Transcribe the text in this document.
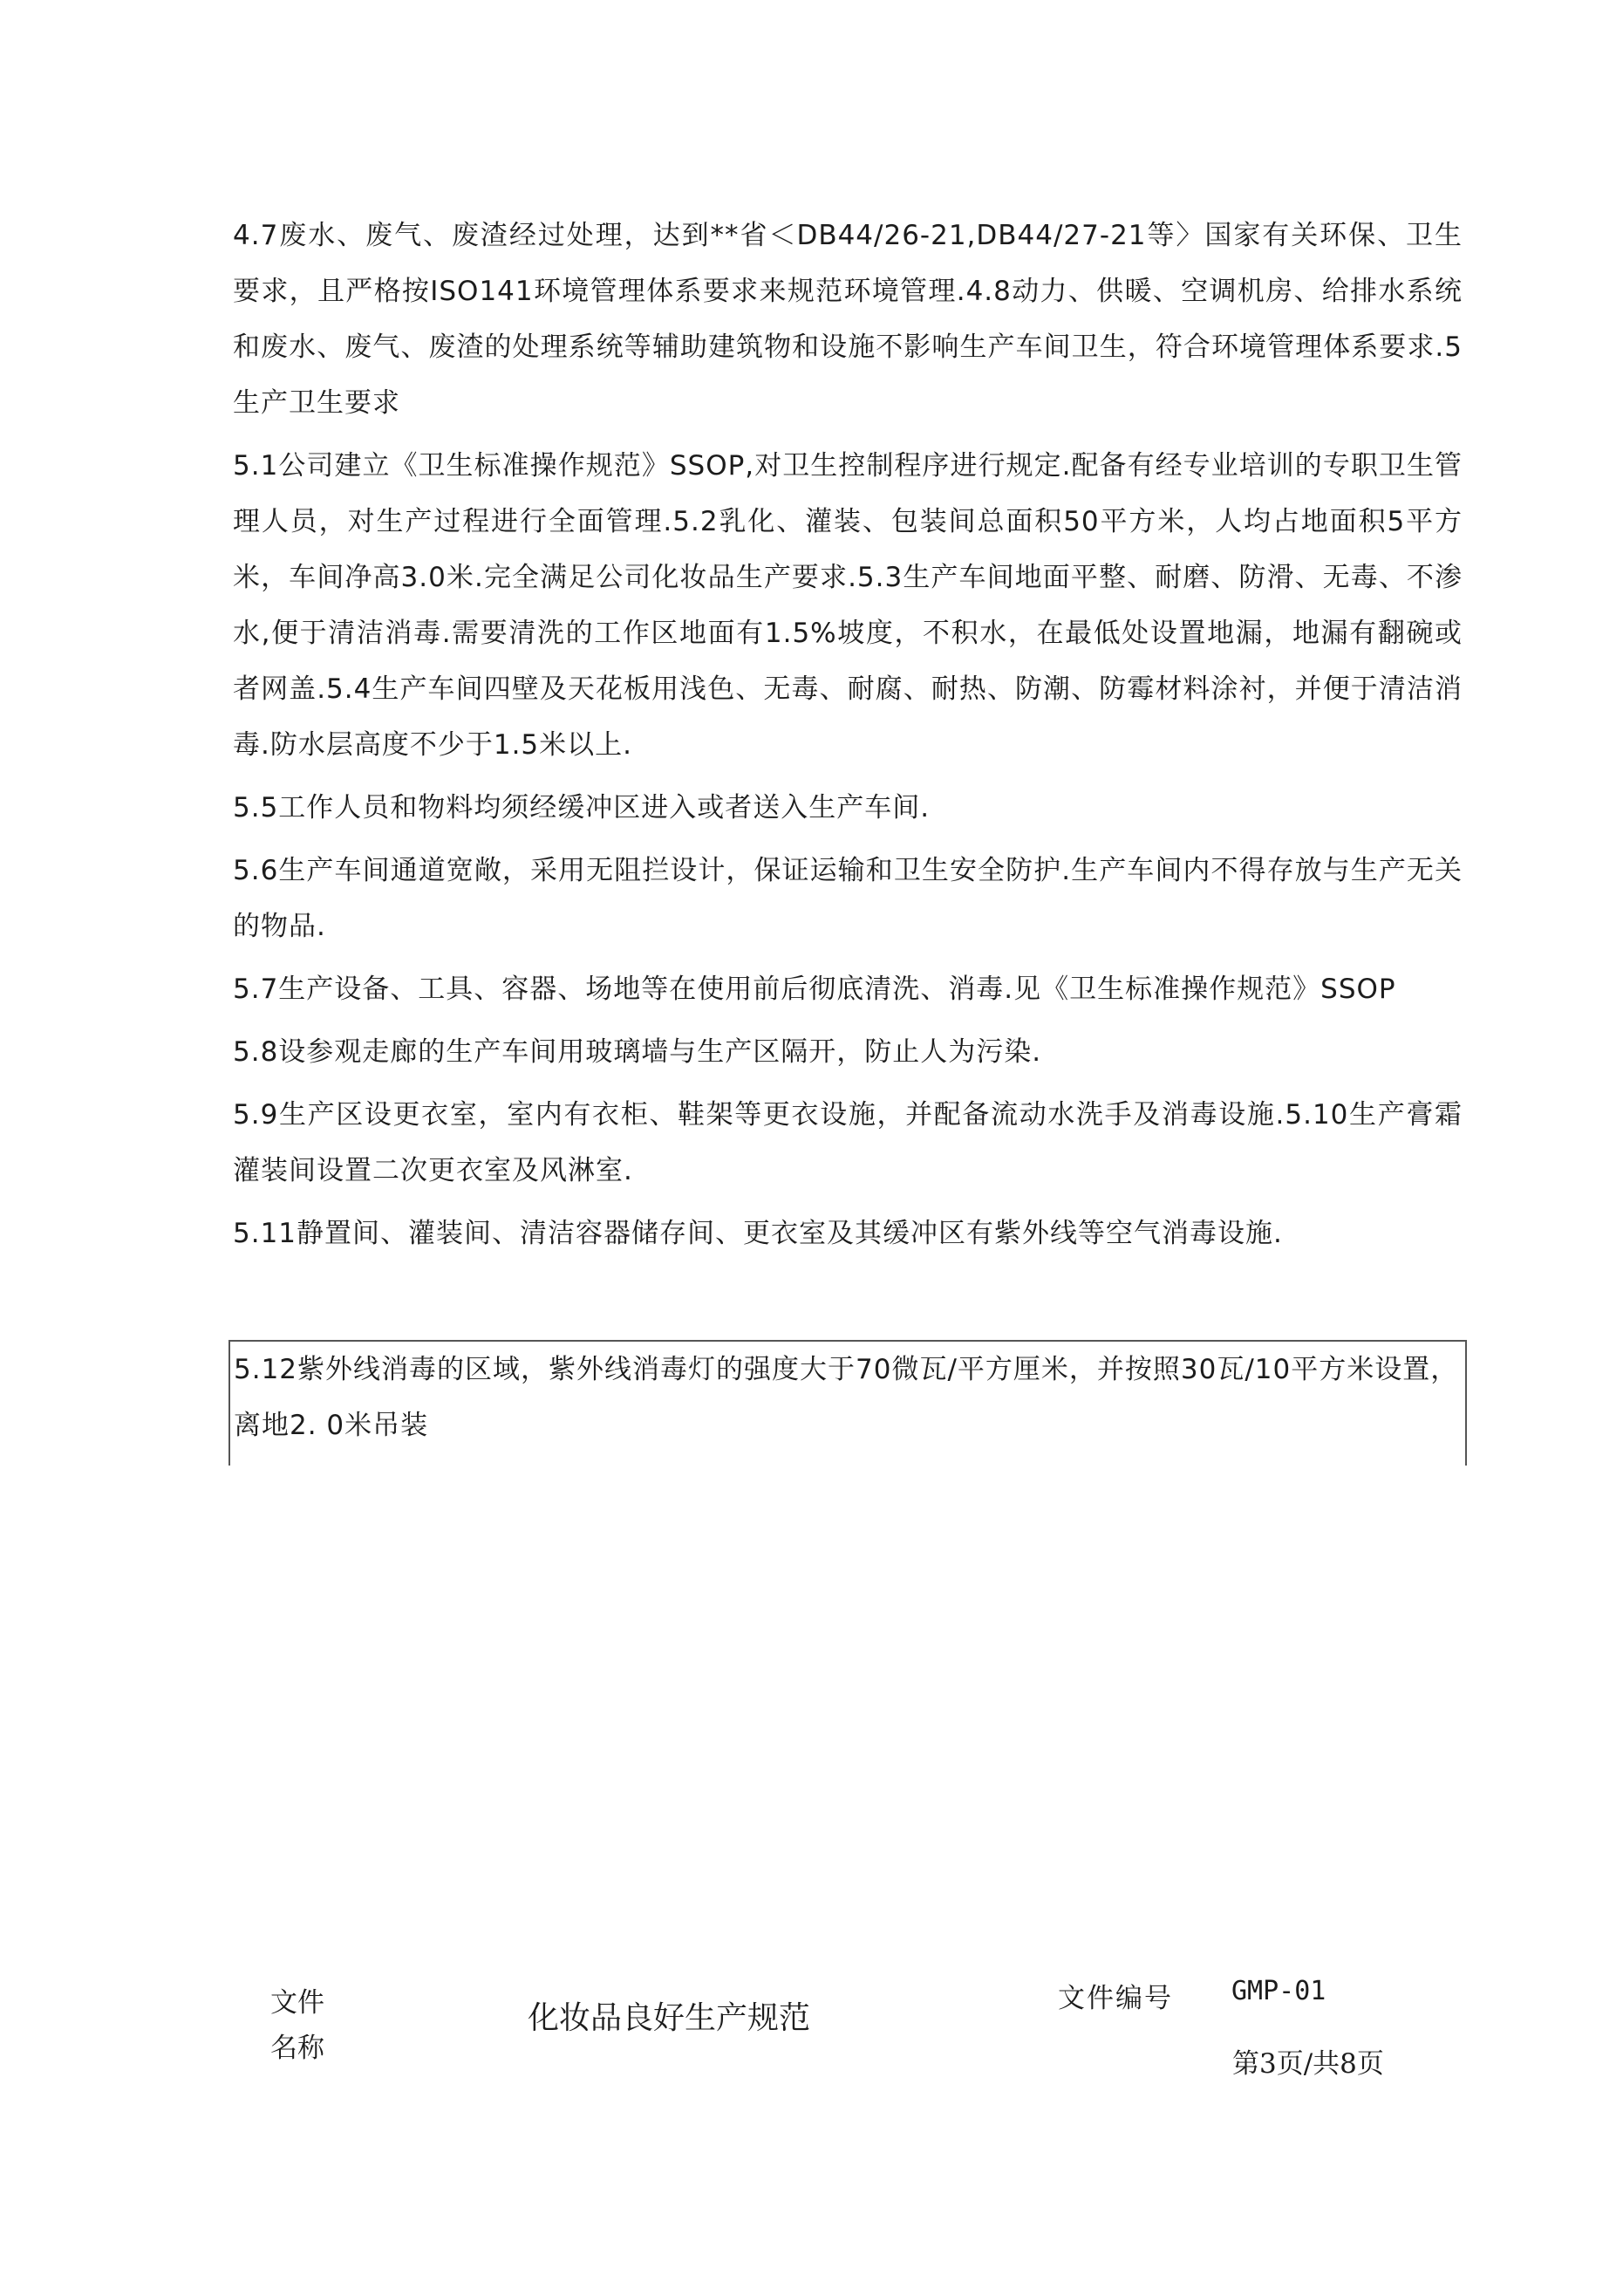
4.7废水、废气、废渣经过处理，达到**省＜DB44/26-21,DB44/27-21等〉国家有关环保、卫生要求，且严格按ISO141环境管理体系要求来规范环境管理.4.8动力、供暖、空调机房、给排水系统和废水、废气、废渣的处理系统等辅助建筑物和设施不影响生产车间卫生，符合环境管理体系要求.5生产卫生要求

5.1公司建立《卫生标准操作规范》SSOP,对卫生控制程序进行规定.配备有经专业培训的专职卫生管理人员，对生产过程进行全面管理.5.2乳化、灌装、包装间总面积50平方米，人均占地面积5平方米，车间净高3.0米.完全满足公司化妆品生产要求.5.3生产车间地面平整、耐磨、防滑、无毒、不渗水,便于清洁消毒.需要清洗的工作区地面有1.5%坡度，不积水，在最低处设置地漏，地漏有翻碗或者网盖.5.4生产车间四壁及天花板用浅色、无毒、耐腐、耐热、防潮、防霉材料涂衬，并便于清洁消毒.防水层高度不少于1.5米以上.

5.5工作人员和物料均须经缓冲区进入或者送入生产车间.

5.6生产车间通道宽敞，采用无阻拦设计，保证运输和卫生安全防护.生产车间内不得存放与生产无关的物品.

5.7生产设备、工具、容器、场地等在使用前后彻底清洗、消毒.见《卫生标准操作规范》SSOP

5.8设参观走廊的生产车间用玻璃墙与生产区隔开，防止人为污染.

5.9生产区设更衣室，室内有衣柜、鞋架等更衣设施，并配备流动水洗手及消毒设施.5.10生产膏霜灌装间设置二次更衣室及风淋室.

5.11静置间、灌装间、清洁容器储存间、更衣室及其缓冲区有紫外线等空气消毒设施.

5.12紫外线消毒的区域，紫外线消毒灯的强度大于70微瓦/平方厘米，并按照30瓦/10平方米设置，离地2. 0米吊装
文件名称
化妆品良好生产规范
文件编号 GMP-01
第3页/共8页
